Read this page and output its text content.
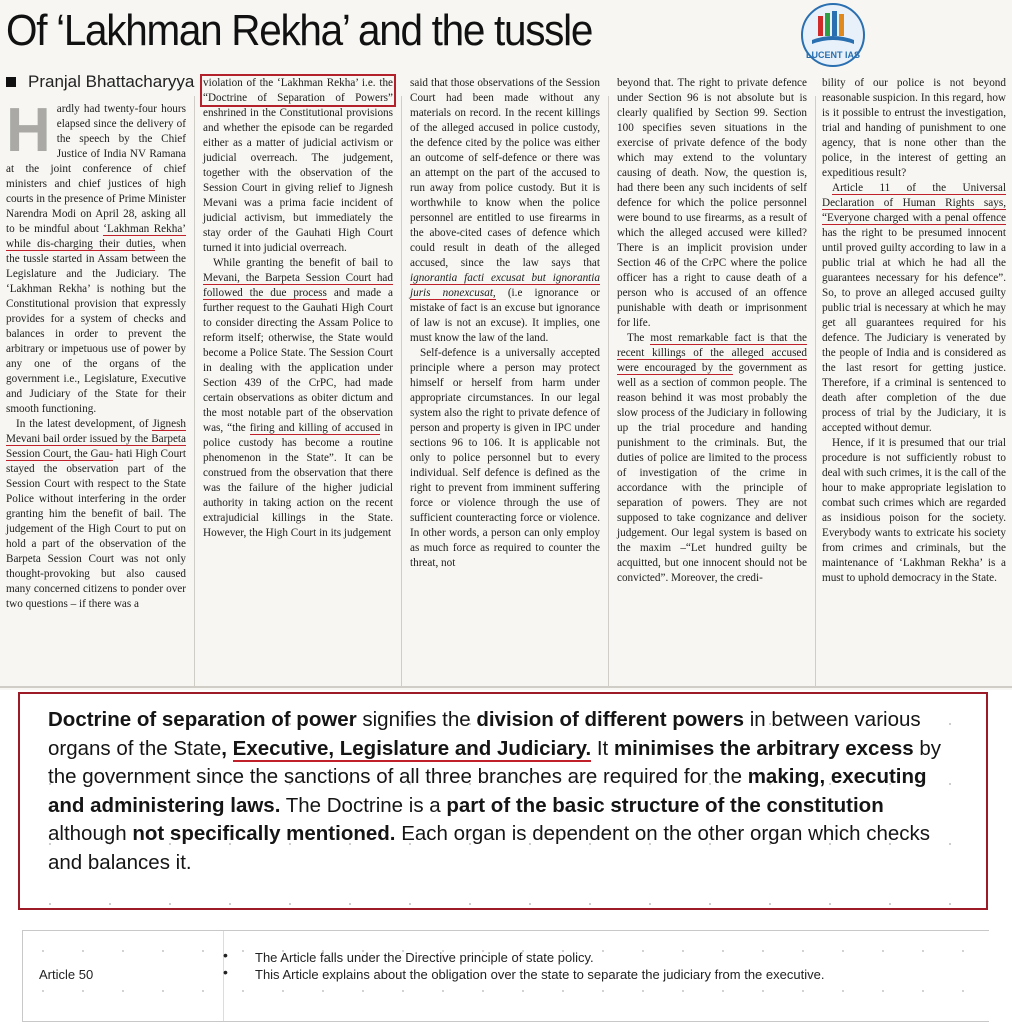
Of ‘Lakhman Rekha’ and the tussle	LUCENT IAS
Pranjal Bhattacharyya

Hardly had twenty-four hours elapsed since the delivery of the speech by the Chief Justice of India NV Ramana at the joint conference of chief ministers and chief justices of high courts in the presence of Prime Minister Narendra Modi on April 28, asking all to be mindful about ‘Lakhman Rekha’ while dis-charging their duties, when the tussle started in Assam between the Legislature and the Judiciary. The ‘Lakhman Rekha’ is nothing but the Constitutional provision that expressly provides for a system of checks and balances in order to prevent the arbitrary or impetuous use of power by any one of the organs of the government i.e., Legislature, Executive and Judiciary of the State for their smooth functioning.

In the latest development, of Jignesh Mevani bail order issued by the Barpeta Session Court, the Gau- hati High Court stayed the observation part of the Session Court with respect to the State Police without interfering in the order granting him the benefit of bail. The judgement of the High Court to put on hold a part of the observation of the Barpeta Session Court was not only thought-provoking but also caused many concerned citizens to ponder over two questions – if there was a

violation of the ‘Lakhman Rekha’ i.e. the “Doctrine of Separation of Powers” enshrined in the Constitutional provisions and whether the episode can be regarded either as a matter of judicial activism or judicial overreach. The judgement, together with the observation of the Session Court in giving relief to Jignesh Mevani was a prima facie incident of judicial activism, but immediately the stay order of the Gauhati High Court turned it into judicial overreach.

While granting the benefit of bail to Mevani, the Barpeta Session Court had followed the due process and made a further request to the Gauhati High Court to consider directing the Assam Police to reform itself; otherwise, the State would become a Police State. The Session Court in dealing with the application under Section 439 of the CrPC, had made certain observations as obiter dictum and the most notable part of the observation was, “the firing and killing of accused in police custody has become a routine phenomenon in the State”. It can be construed from the observation that there was the failure of the higher judicial authority in taking action on the recent extrajudicial killings in the State. However, the High Court in its judgement

said that those observations of the Session Court had been made without any materials on record. In the recent killings of the alleged accused in police custody, the defence cited by the police was either an outcome of self-defence or there was an attempt on the part of the accused to run away from police custody. But it is worthwhile to know when the police personnel are entitled to use firearms in the above-cited cases of defence which could result in death of the alleged accused, since the law says that ignorantia facti excusat but ignorantia juris nonexcusat, (i.e ignorance or mistake of fact is an excuse but ignorance of law is not an excuse). It implies, one must know the law of the land.

Self-defence is a universally accepted principle where a person may protect himself or herself from harm under appropriate circumstances. In our legal system also the right to private defence of person and property is given in IPC under sections 96 to 106. It is applicable not only to police personnel but to every individual. Self defence is defined as the right to prevent from imminent suffering force or violence through the use of sufficient counteracting force or violence. In other words, a person can only employ as much force as required to counter the threat, not

beyond that. The right to private defence under Section 96 is not absolute but is clearly qualified by Section 99. Section 100 specifies seven situations in the exercise of private defence of the body which may extend to the voluntary causing of death. Now, the question is, had there been any such incidents of self defence for which the police personnel were bound to use firearms, as a result of which the alleged accused were killed? There is an implicit provision under Section 46 of the CrPC where the police officer has a right to cause death of a person who is accused of an offence punishable with death or imprisonment for life.

The most remarkable fact is that the recent killings of the alleged accused were encouraged by the government as well as a section of common people. The reason behind it was most probably the slow process of the Judiciary in following up the trial procedure and handing punishment to the criminals. But, the duties of police are limited to the process of investigation of the crime in accordance with the principle of separation of powers. They are not supposed to take cognizance and deliver judgement. Our legal system is based on the maxim –“Let hundred guilty be acquitted, but one innocent should not be convicted”. Moreover, the credi-

bility of our police is not beyond reasonable suspicion. In this regard, how is it possible to entrust the investigation, trial and handing of punishment to one agency, that is none other than the police, in the interest of getting an expeditious result?

Article 11 of the Universal Declaration of Human Rights says, “Everyone charged with a penal offence has the right to be presumed innocent until proved guilty according to law in a public trial at which he had all the guarantees necessary for his defence”. So, to prove an alleged accused guilty public trial is necessary at which he may get all guarantees required for his defence. The Judiciary is venerated by the people of India and is considered as the last resort for getting justice. Therefore, if a criminal is sentenced to death after completion of the due process of trial by the Judiciary, it is accepted without demur.

Hence, if it is presumed that our trial procedure is not sufficiently robust to deal with such crimes, it is the call of the hour to make appropriate legislation to combat such crimes which are regarded as insidious poison for the society. Everybody wants to extricate his society from crimes and criminals, but the maintenance of ‘Lakhman Rekha’ is a must to uphold democracy in the State.

Doctrine of separation of power signifies the division of different powers in between various organs of the State, Executive, Legislature and Judiciary. It minimises the arbitrary excess by the government since the sanctions of all three branches are required for the making, executing and administering laws. The Doctrine is a part of the basic structure of the constitution although not specifically mentioned. Each organ is dependent on the other organ which checks and balances it.
Article 50
• The Article falls under the Directive principle of state policy.
• This Article explains about the obligation over the state to separate the judiciary from the executive.
